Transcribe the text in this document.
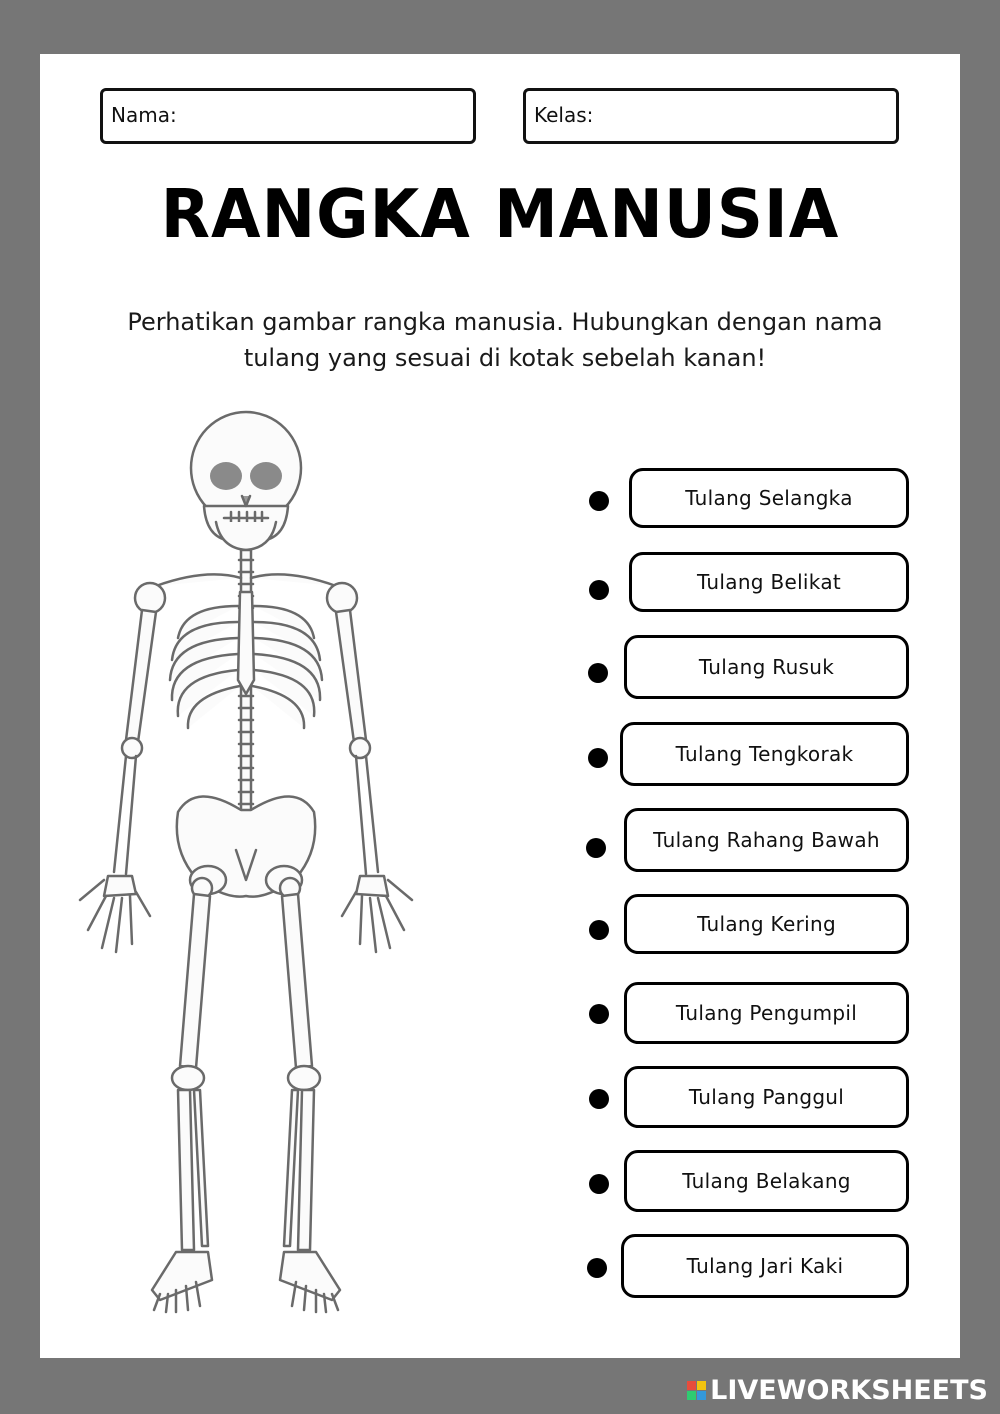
Nama:	Kelas:
RANGKA MANUSIA
Perhatikan gambar rangka manusia. Hubungkan dengan nama tulang yang sesuai di kotak sebelah kanan!
Tulang Selangka
Tulang Belikat
Tulang Rusuk
Tulang Tengkorak
Tulang Rahang Bawah
Tulang Kering
Tulang Pengumpil
Tulang Panggul
Tulang Belakang
Tulang Jari Kaki
LIVEWORKSHEETS
